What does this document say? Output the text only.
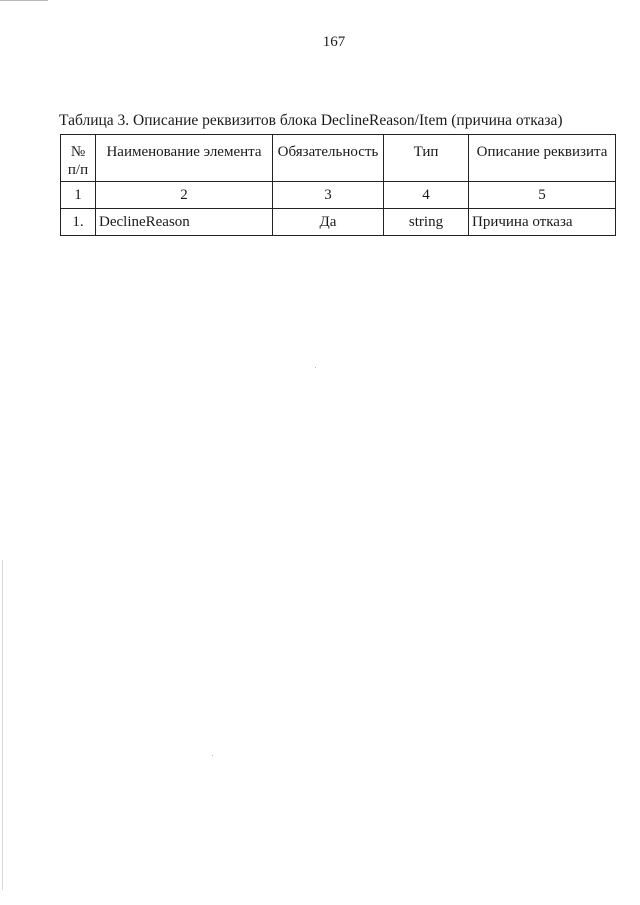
167
Таблица 3. Описание реквизитов блока DeclineReason/Item (причина отказа)
№
п/п	Наименование элемента	Обязательность	Тип	Описание реквизита

1	2	3	4	5
1.	DeclineReason	Да	string	Причина отказа
